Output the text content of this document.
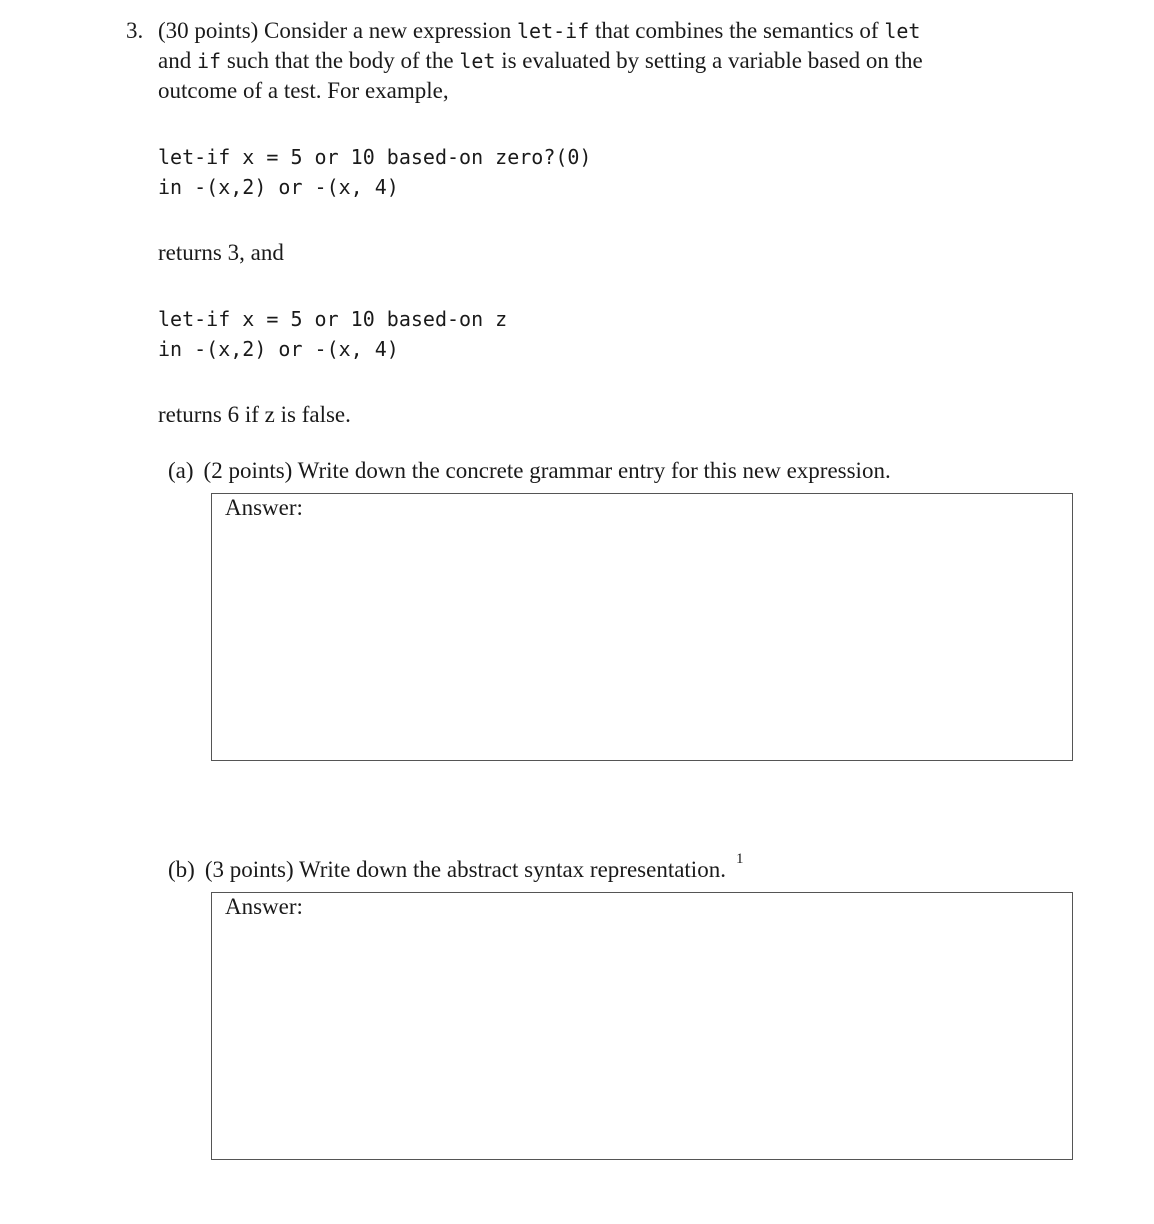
3. (30 points) Consider a new expression let-if that combines the semantics of let
and if such that the body of the let is evaluated by setting a variable based on the
outcome of a test. For example,
let-if x = 5 or 10 based-on zero?(0)
in -(x,2) or -(x, 4)
returns 3, and
let-if x = 5 or 10 based-on z
in -(x,2) or -(x, 4)
returns 6 if z is false.
(a) (2 points) Write down the concrete grammar entry for this new expression.
Answer:
(b) (3 points) Write down the abstract syntax representation. $^1$
Answer:
